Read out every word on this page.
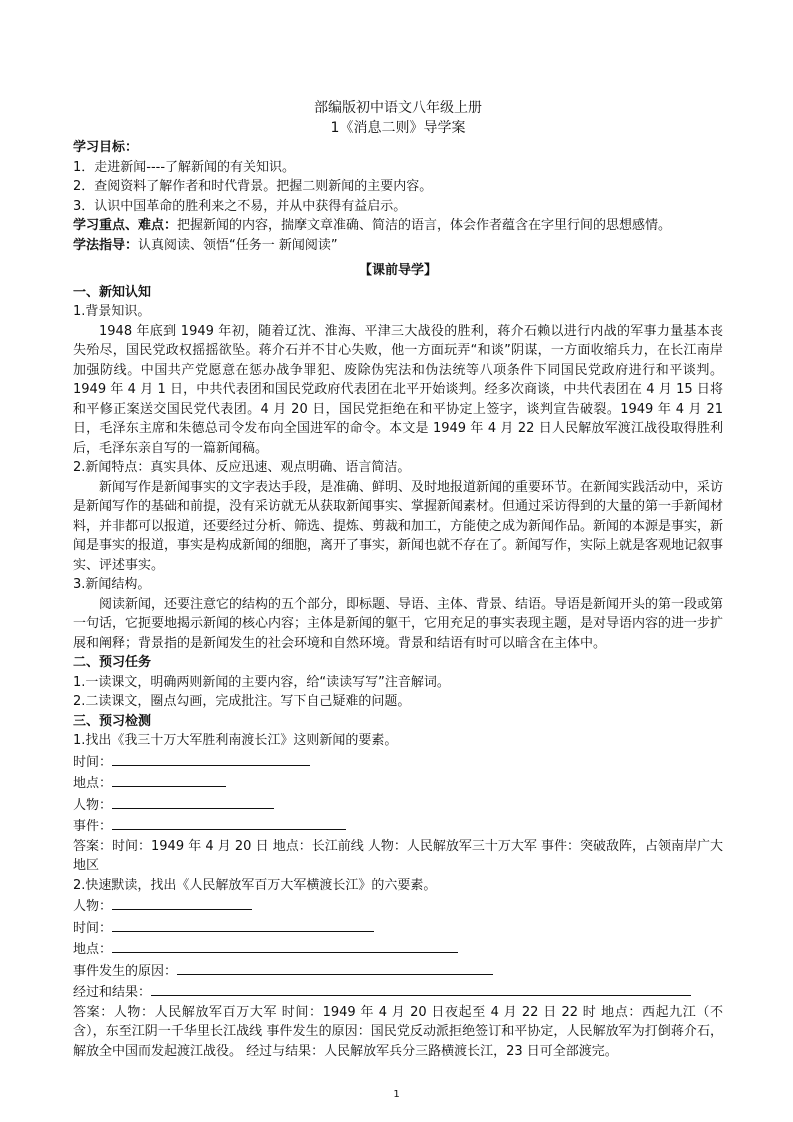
部编版初中语文八年级上册
1《消息二则》导学案
学习目标：
1．走进新闻----了解新闻的有关知识。
2．查阅资料了解作者和时代背景。把握二则新闻的主要内容。
3．认识中国革命的胜利来之不易，并从中获得有益启示。
学习重点、难点：把握新闻的内容，揣摩文章准确、简洁的语言，体会作者蕴含在字里行间的思想感情。
学法指导：认真阅读、领悟“任务一 新闻阅读”
【课前导学】
一、新知认知
1.背景知识。
1948 年底到 1949 年初，随着辽沈、淮海、平津三大战役的胜利，蒋介石赖以进行内战的军事力量基本丧失殆尽，国民党政权摇摇欲坠。蒋介石并不甘心失败，他一方面玩弄“和谈”阴谋，一方面收缩兵力，在长江南岸加强防线。中国共产党愿意在惩办战争罪犯、废除伪宪法和伪法统等八项条件下同国民党政府进行和平谈判。1949 年 4 月 1 日，中共代表团和国民党政府代表团在北平开始谈判。经多次商谈，中共代表团在 4 月 15 日将和平修正案送交国民党代表团。4 月 20 日，国民党拒绝在和平协定上签字，谈判宣告破裂。1949 年 4 月 21 日，毛泽东主席和朱德总司令发布向全国进军的命令。本文是 1949 年 4 月 22 日人民解放军渡江战役取得胜利后，毛泽东亲自写的一篇新闻稿。
2.新闻特点：真实具体、反应迅速、观点明确、语言简洁。
新闻写作是新闻事实的文字表达手段，是准确、鲜明、及时地报道新闻的重要环节。在新闻实践活动中，采访是新闻写作的基础和前提，没有采访就无从获取新闻事实、掌握新闻素材。但通过采访得到的大量的第一手新闻材料，并非都可以报道，还要经过分析、筛选、提炼、剪裁和加工，方能使之成为新闻作品。新闻的本源是事实，新闻是事实的报道，事实是构成新闻的细胞，离开了事实，新闻也就不存在了。新闻写作，实际上就是客观地记叙事实、评述事实。
3.新闻结构。
阅读新闻，还要注意它的结构的五个部分，即标题、导语、主体、背景、结语。导语是新闻开头的第一段或第一句话，它扼要地揭示新闻的核心内容；主体是新闻的躯干，它用充足的事实表现主题，是对导语内容的进一步扩展和阐释；背景指的是新闻发生的社会环境和自然环境。背景和结语有时可以暗含在主体中。
二、预习任务
1.一读课文，明确两则新闻的主要内容，给“读读写写”注音解词。
2.二读课文，圈点勾画，完成批注。写下自己疑难的问题。
三、预习检测
1.找出《我三十万大军胜利南渡长江》这则新闻的要素。
时间：
地点：
人物：
事件：
答案：时间：1949 年 4 月 20 日 地点：长江前线 人物：人民解放军三十万大军 事件：突破敌阵，占领南岸广大地区
2.快速默读，找出《人民解放军百万大军横渡长江》的六要素。
人物：
时间：
地点：
事件发生的原因：
经过和结果：
答案：人物：人民解放军百万大军 时间：1949 年 4 月 20 日夜起至 4 月 22 日 22 时 地点：西起九江（不含），东至江阴一千华里长江战线 事件发生的原因：国民党反动派拒绝签订和平协定，人民解放军为打倒蒋介石，解放全中国而发起渡江战役。 经过与结果：人民解放军兵分三路横渡长江，23 日可全部渡完。
1
